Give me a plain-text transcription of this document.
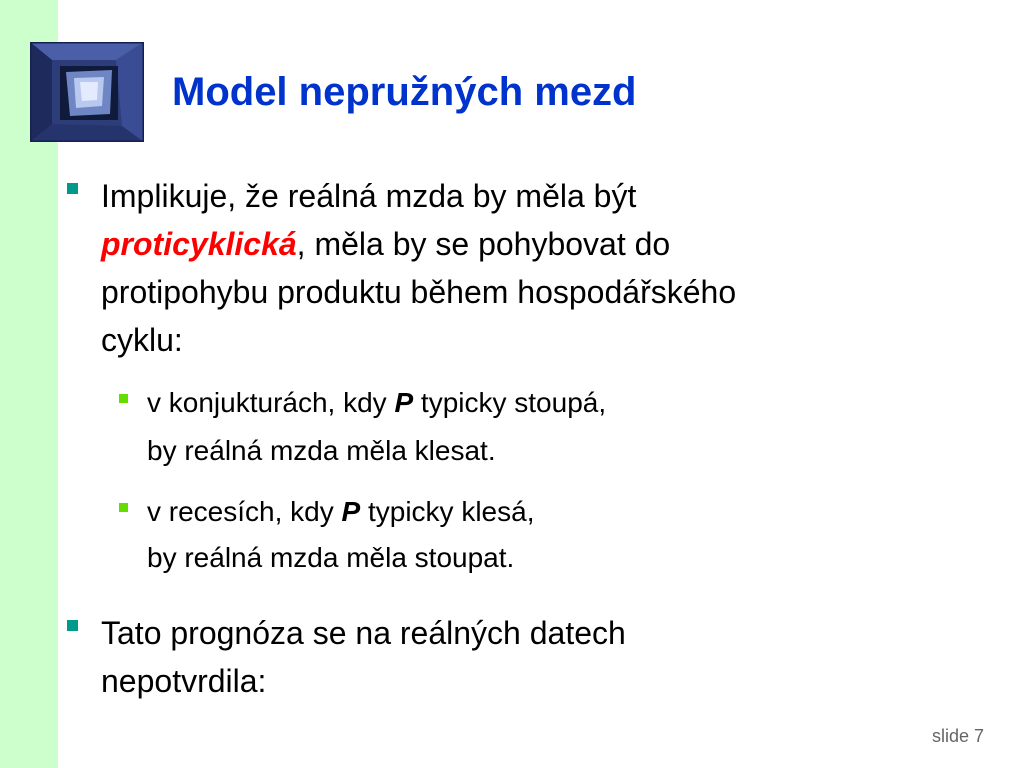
Model nepružných mezd
Implikuje, že reálná mzda by měla být
proticyklická, měla by se pohybovat do
protipohybu produktu během hospodářského
cyklu:
v konjukturách, kdy P typicky stoupá,
by reálná mzda měla klesat.
v recesích, kdy P typicky klesá,
by reálná mzda měla stoupat.
Tato prognóza se na reálných datech
nepotvrdila:
slide 7
